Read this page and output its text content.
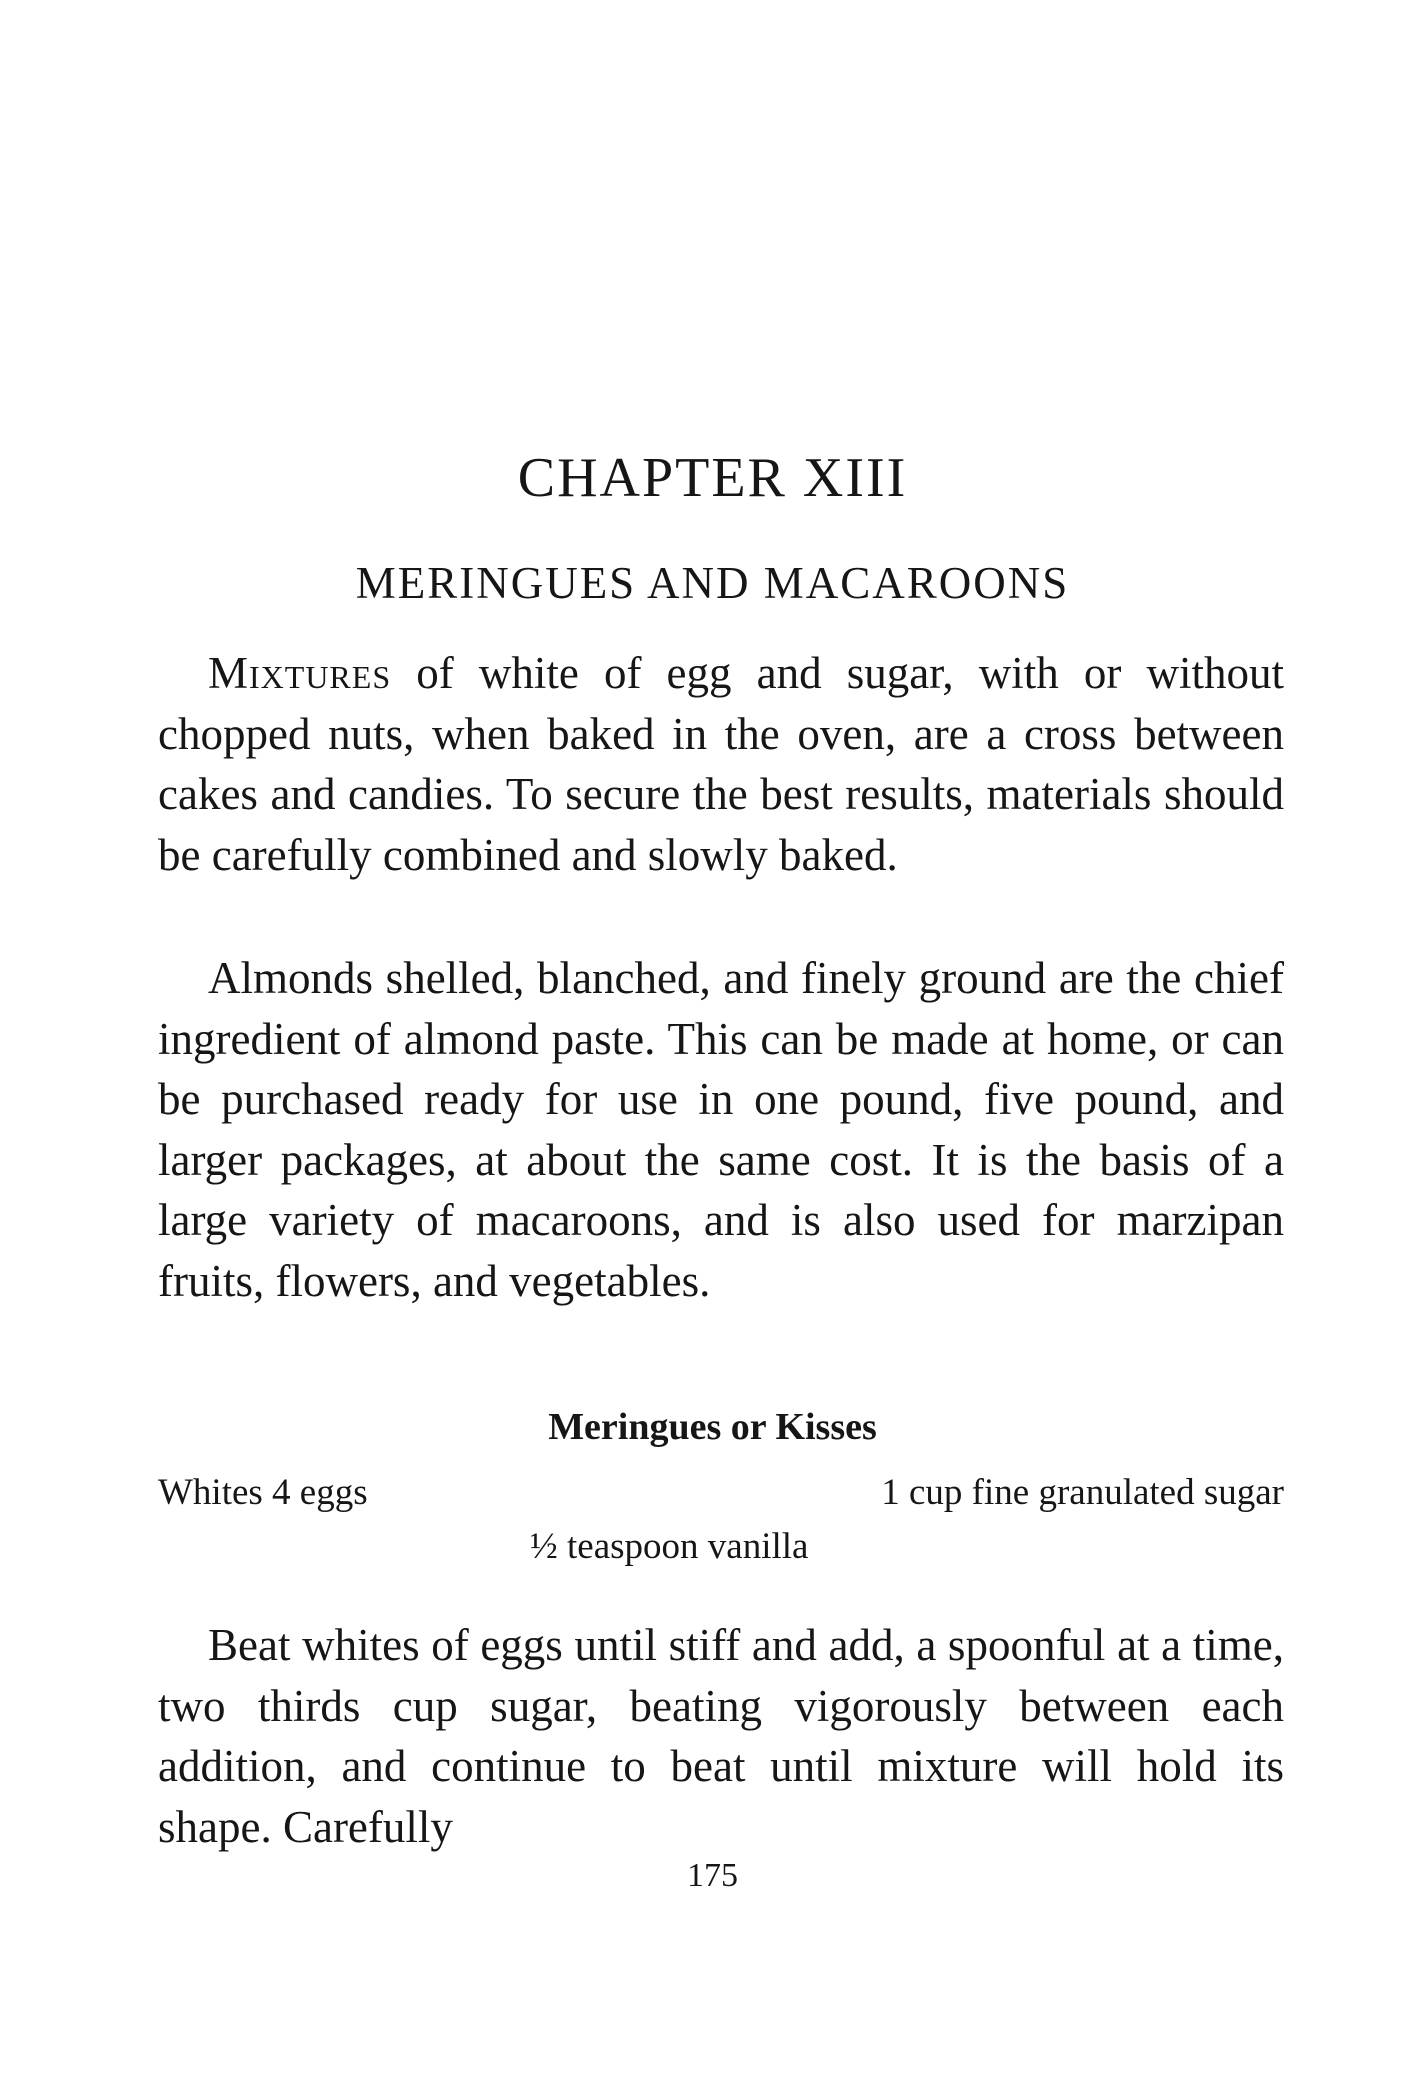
CHAPTER XIII
MERINGUES AND MACAROONS

Mixtures of white of egg and sugar, with or without chopped nuts, when baked in the oven, are a cross between cakes and candies. To secure the best results, materials should be carefully combined and slowly baked.

Almonds shelled, blanched, and finely ground are the chief ingredient of almond paste. This can be made at home, or can be purchased ready for use in one pound, five pound, and larger packages, at about the same cost. It is the basis of a large variety of macaroons, and is also used for marzipan fruits, flowers, and vegetables.

Meringues or Kisses
Whites 4 eggs	1 cup fine granulated sugar
½ teaspoon vanilla

Beat whites of eggs until stiff and add, a spoonful at a time, two thirds cup sugar, beating vigorously between each addition, and continue to beat until mixture will hold its shape. Carefully

175
